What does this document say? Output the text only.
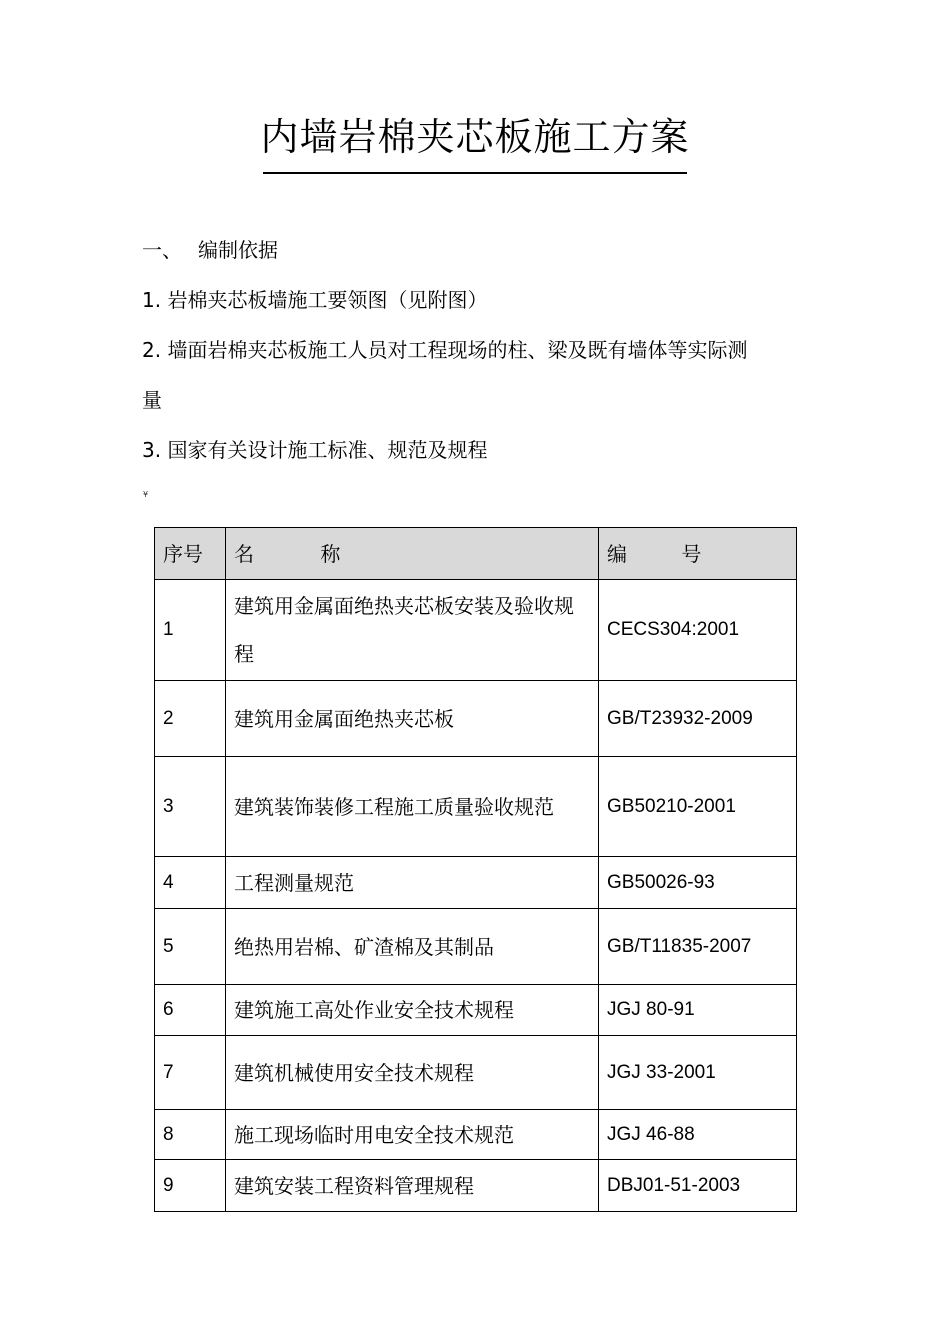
内墙岩棉夹芯板施工方案
一、 编制依据
1. 岩棉夹芯板墙施工要领图（见附图）
2. 墙面岩棉夹芯板施工人员对工程现场的柱、梁及既有墙体等实际测
量
3. 国家有关设计施工标准、规范及规程
¥
序号	名 称	编 号
1	建筑用金属面绝热夹芯板安装及验收规程	CECS304:2001
2	建筑用金属面绝热夹芯板	GB/T23932-2009
3	建筑装饰装修工程施工质量验收规范	GB50210-2001
4	工程测量规范	GB50026-93
5	绝热用岩棉、矿渣棉及其制品	GB/T11835-2007
6	建筑施工高处作业安全技术规程	JGJ 80-91
7	建筑机械使用安全技术规程	JGJ 33-2001
8	施工现场临时用电安全技术规范	JGJ 46-88
9	建筑安装工程资料管理规程	DBJ01-51-2003
